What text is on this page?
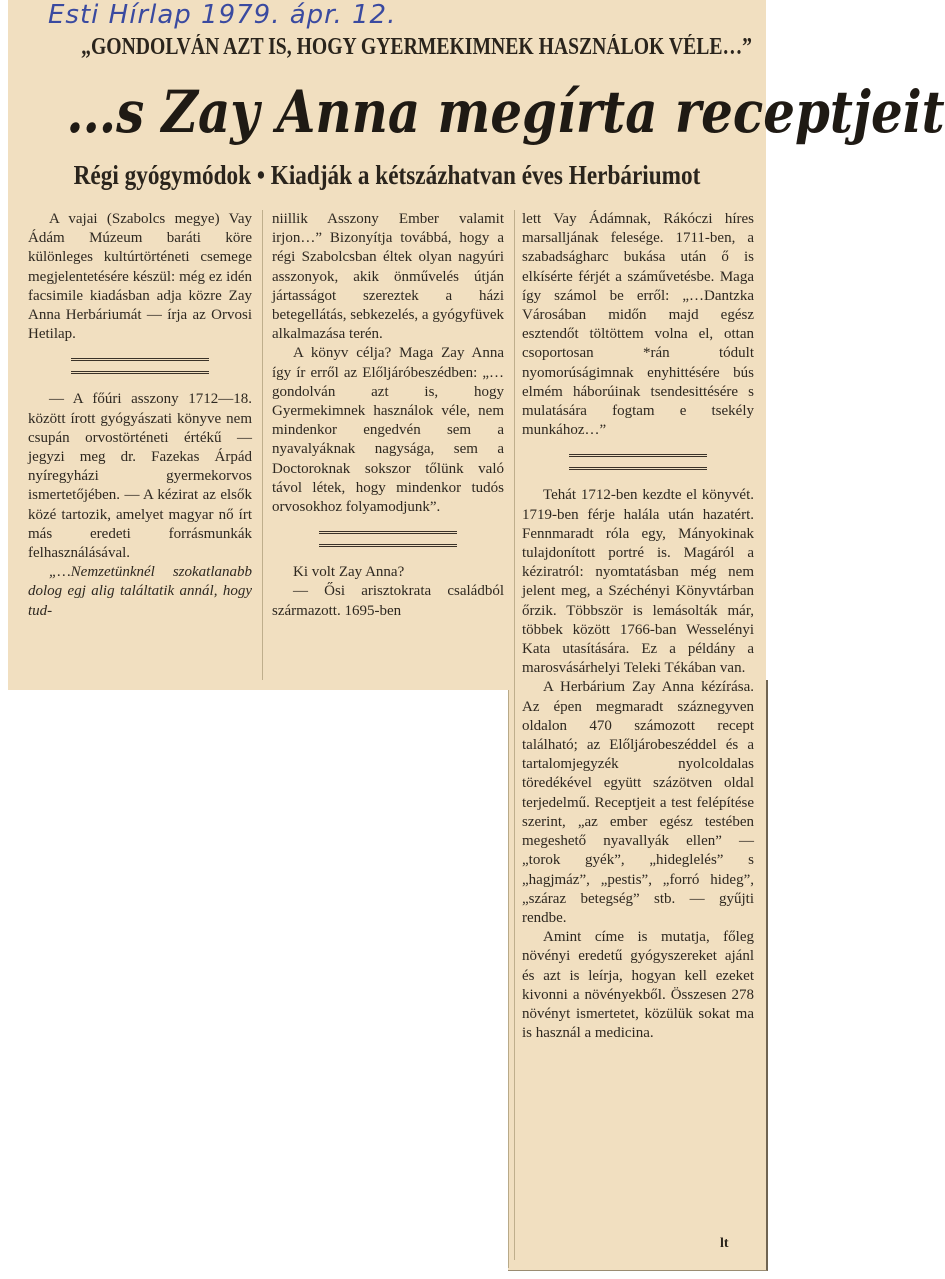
Esti Hírlap 1979. ápr. 12.
„GONDOLVÁN AZT IS, HOGY GYERMEKIMNEK HASZNÁLOK VÉLE…”
…s Zay Anna megírta receptjeit
Régi gyógymódok • Kiadják a kétszázhatvan éves Herbáriumot

A vajai (Szabolcs megye) Vay Ádám Múzeum baráti köre különleges kultúrtörténeti csemege megjelentetésére készül: még ez idén facsimile kiadásban adja közre Zay Anna Herbáriumát — írja az Orvosi Hetilap.

— A főúri asszony 1712—18. között írott gyógyászati könyve nem csupán orvostörténeti értékű — jegyzi meg dr. Fazekas Árpád nyíregyházi gyermekorvos ismertetőjében. — A kézirat az elsők közé tartozik, amelyet magyar nő írt más eredeti forrásmunkák felhasználásával.

„…Nemzetünknél szokatlanabb dolog egj alig találtatik annál, hogy tud-

niillik Asszony Ember valamit irjon…” Bizonyítja továbbá, hogy a régi Szabolcsban éltek olyan nagyúri asszonyok, akik önművelés útján jártasságot szereztek a házi betegellátás, sebkezelés, a gyógyfüvek alkalmazása terén.

A könyv célja? Maga Zay Anna így ír erről az Előljáróbeszédben: „…gondolván azt is, hogy Gyermekimnek használok véle, nem mindenkor engedvén sem a nyavalyáknak nagysága, sem a Doctoroknak sokszor tőlünk való távol létek, hogy mindenkor tudós orvosokhoz folyamodjunk”.

Ki volt Zay Anna?

— Ősi arisztokrata családból származott. 1695-ben

lett Vay Ádámnak, Rákóczi híres marsalljának felesége. 1711-ben, a szabadságharc bukása után ő is elkísérte férjét a száművetésbe. Maga így számol be erről: „…Dantzka Városában midőn majd egész esztendőt töltöttem volna el, ottan csoportosan *rán tódult nyomorúságimnak enyhittésére bús elmém háborúinak tsendesittésére s mulatására fogtam e tsekély munkához…”

Tehát 1712-ben kezdte el könyvét. 1719-ben férje halála után hazatért. Fennmaradt róla egy, Mányokinak tulajdonított portré is. Magáról a kéziratról: nyomtatásban még nem jelent meg, a Széchényi Könyvtárban őrzik. Többször is lemásolták már, többek között 1766-ban Wesselényi Kata utasítására. Ez a példány a marosvásárhelyi Teleki Tékában van.

A Herbárium Zay Anna kézírása. Az épen megmaradt száznegyven oldalon 470 számozott recept található; az Előljárobeszéddel és a tartalomjegyzék nyolcoldalas töredékével együtt százötven oldal terjedelmű. Receptjeit a test felépítése szerint, „az ember egész testében megeshető nyavallyák ellen” — „torok gyék”, „hideglelés” s „hagjmáz”, „pestis”, „forró hideg”, „száraz betegség” stb. — gyűjti rendbe.

Amint címe is mutatja, főleg növényi eredetű gyógyszereket ajánl és azt is leírja, hogyan kell ezeket kivonni a növényekből. Összesen 278 növényt ismertetet, közülük sokat ma is használ a medicina.

lt
